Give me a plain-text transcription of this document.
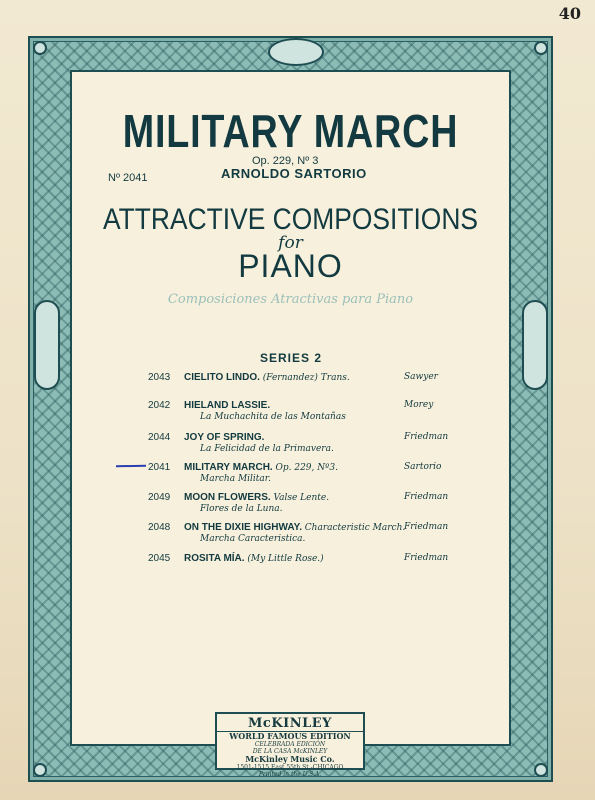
40
MILITARY MARCH
Nº 2041
Op. 229, Nº 3
ARNOLDO SARTORIO
ATTRACTIVE COMPOSITIONS
for
PIANO
Composiciones Atractivas para Piano
SERIES 2
2043 CIELITO LINDO. (Fernandez) Trans.	Sawyer
2042 HIELAND LASSIE.
La Muchachita de las Montañas
Morey
2044 JOY OF SPRING.
La Felicidad de la Primavera.
Friedman
2041 MILITARY MARCH. Op. 229, Nº3.
Marcha Militar.
Sartorio
2049 MOON FLOWERS. Valse Lente.
Flores de la Luna.
Friedman
2048 ON THE DIXIE HIGHWAY. Characteristic March.
Marcha Caracteristica.
Friedman
2045 ROSITA MÍA. (My Little Rose.)	Friedman
McKINLEY
WORLD FAMOUS EDITION
CELEBRADA EDICIÓN
DE LA CASA McKINLEY
McKinley Music Co.
1501-1515 East 55th St.-CHICAGO
Printed in the U.S.A.
